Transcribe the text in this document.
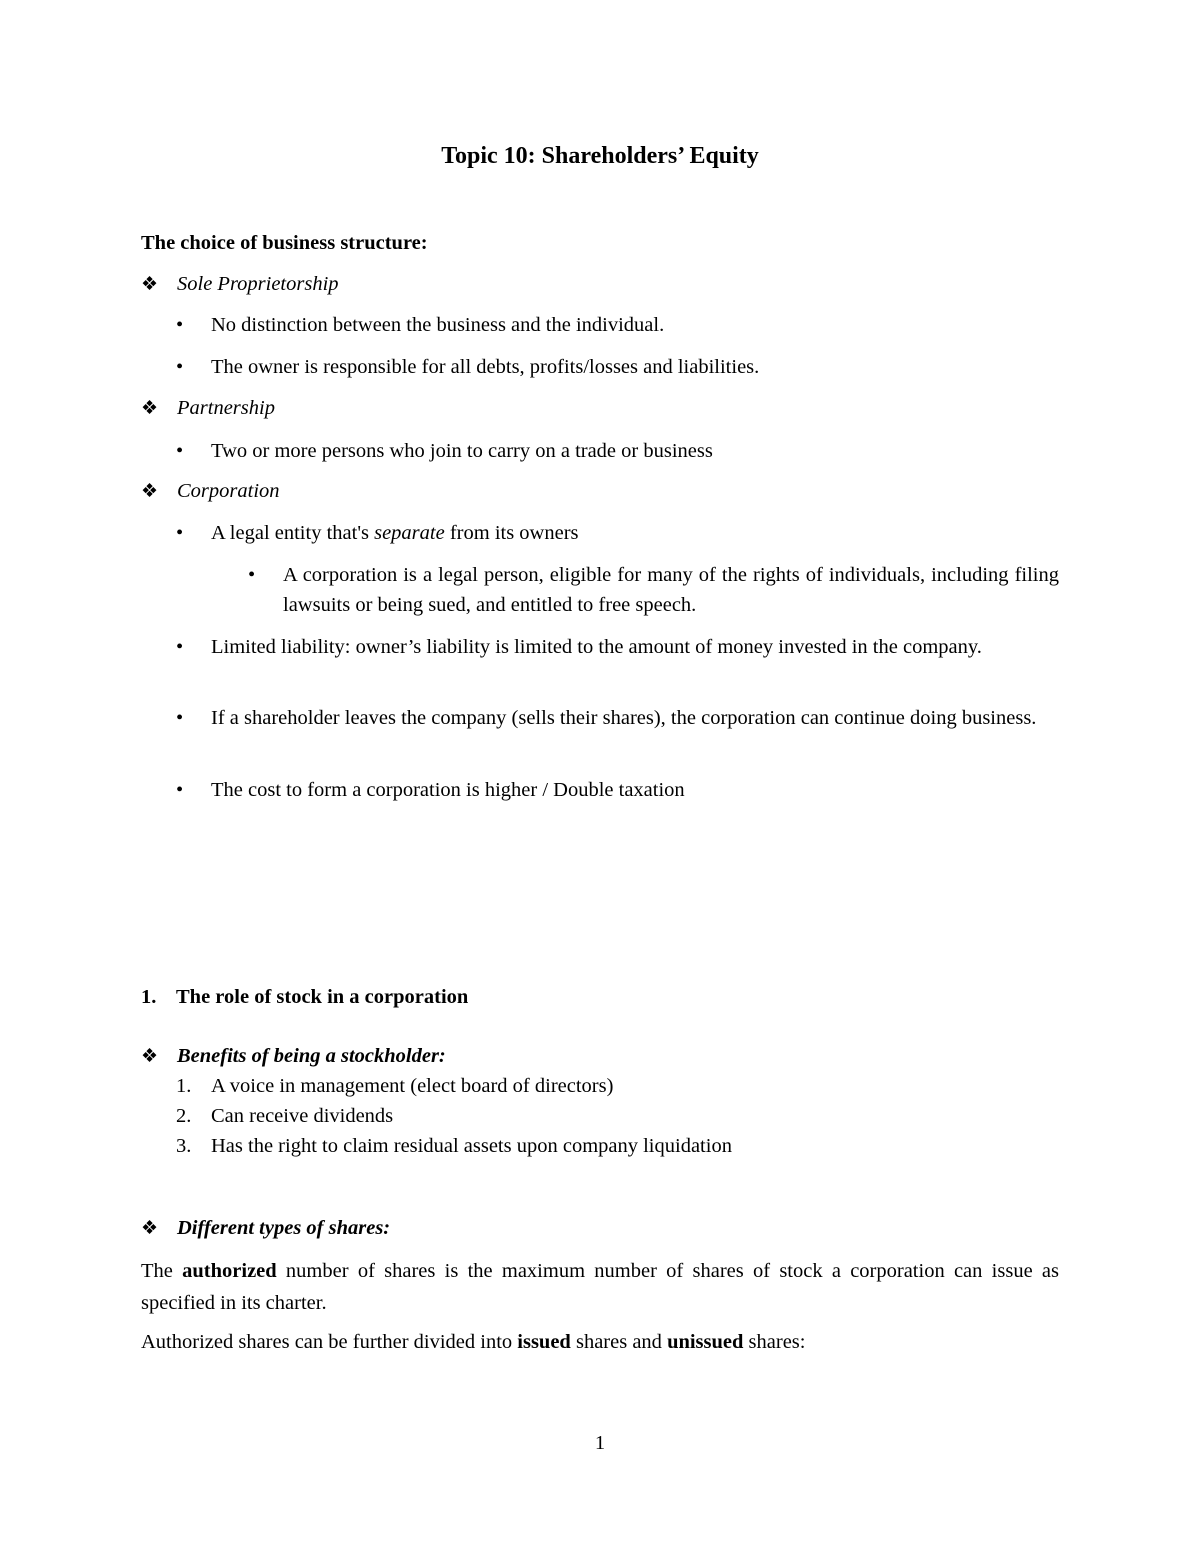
Topic 10: Shareholders’ Equity
The choice of business structure:
❖ Sole Proprietorship
• No distinction between the business and the individual.
• The owner is responsible for all debts, profits/losses and liabilities.
❖ Partnership
• Two or more persons who join to carry on a trade or business
❖ Corporation
• A legal entity that's separate from its owners
• A corporation is a legal person, eligible for many of the rights of individuals, including filing lawsuits or being sued, and entitled to free speech.
• Limited liability: owner’s liability is limited to the amount of money invested in the company.
• If a shareholder leaves the company (sells their shares), the corporation can continue doing business.
• The cost to form a corporation is higher / Double taxation
1. The role of stock in a corporation
❖ Benefits of being a stockholder:
1. A voice in management (elect board of directors)
2. Can receive dividends
3. Has the right to claim residual assets upon company liquidation
❖ Different types of shares:
The authorized number of shares is the maximum number of shares of stock a corporation can issue as specified in its charter.
Authorized shares can be further divided into issued shares and unissued shares:
1
